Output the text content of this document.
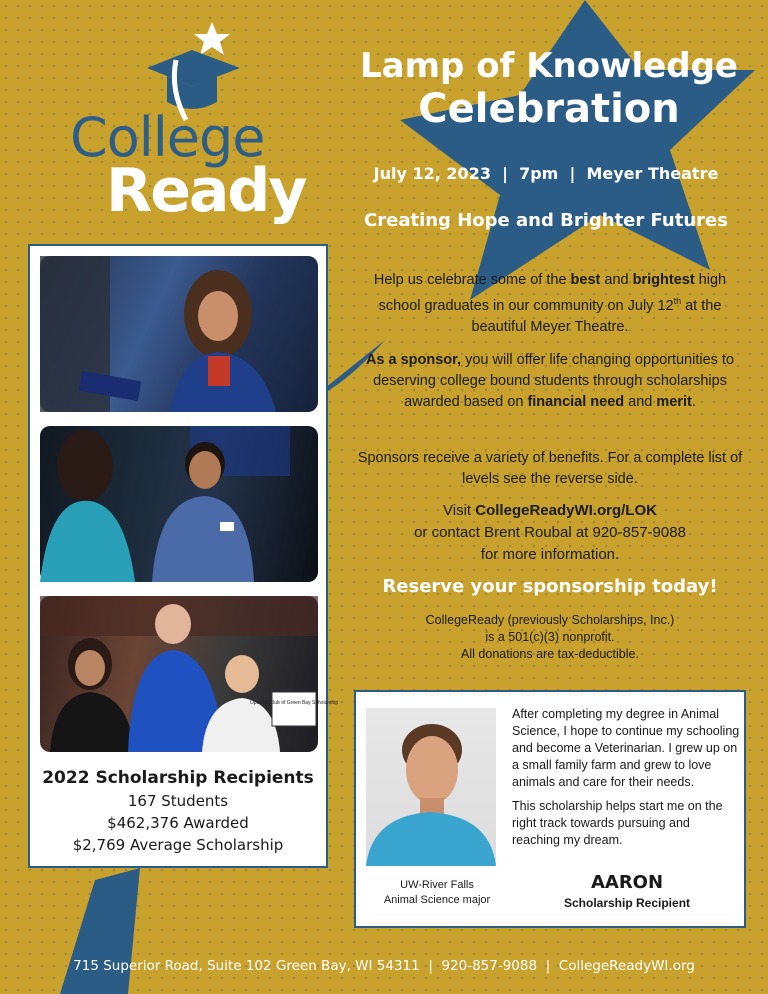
College
Ready
Lamp of Knowledge
Celebration
July 12, 2023  |  7pm  |  Meyer Theatre
Creating Hope and Brighter Futures

Help us celebrate some of the best and brightest high school graduates in our community on July 12th at the beautiful Meyer Theatre.

As a sponsor, you will offer life changing opportunities to deserving college bound students through scholarships awarded based on financial need and merit.

Sponsors receive a variety of benefits. For a complete list of levels see the reverse side.

Visit CollegeReadyWI.org/LOK

or contact Brent Roubal at 920-857-9088

for more information.

Reserve your sponsorship today!
CollegeReady (previously Scholarships, Inc.)
is a 501(c)(3) nonprofit.
All donations are tax-deductible.
Optimist Club of Green Bay Scholarship
2022 Scholarship Recipients
167 Students
$462,376 Awarded
$2,769 Average Scholarship
UW-River Falls
Animal Science major

After completing my degree in Animal Science, I hope to continue my schooling and become a Veterinarian. I grew up on a small family farm and grew to love animals and care for their needs.

This scholarship helps start me on the right track towards pursuing and reaching my dream.

AARON
Scholarship Recipient
715 Superior Road, Suite 102 Green Bay, WI 54311  |  920-857-9088  |  CollegeReadyWI.org
